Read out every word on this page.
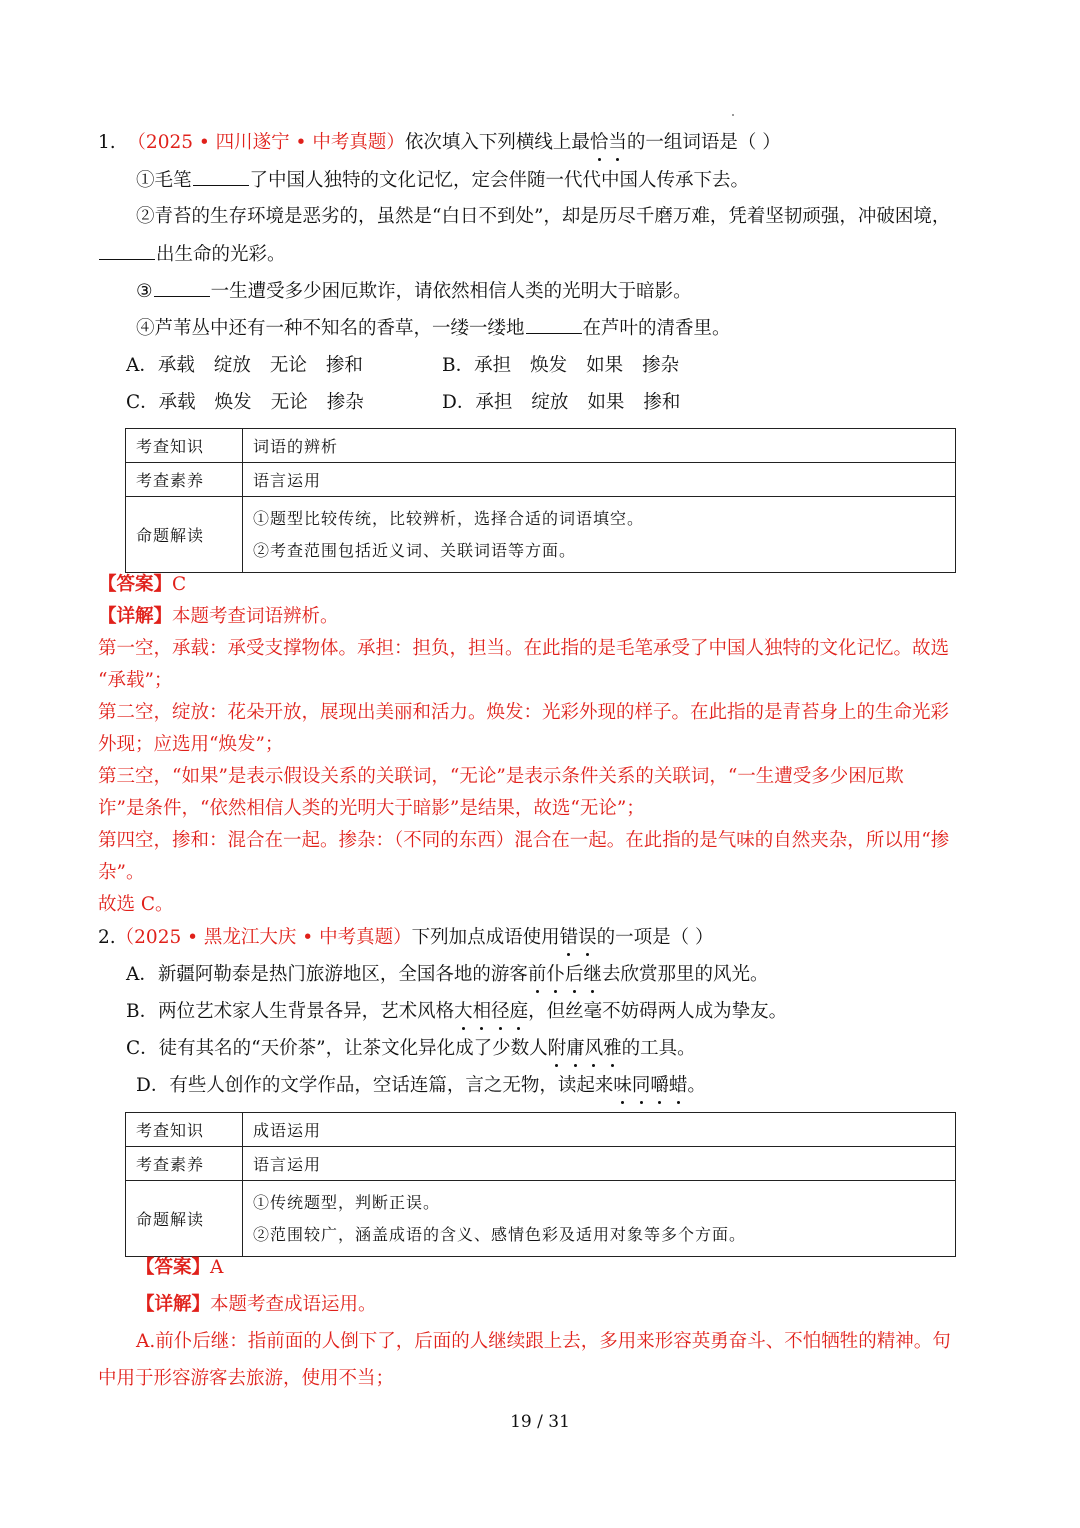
1. （2025 • 四川遂宁 • 中考真题）依次填入下列横线上最恰当的一组词语是（ ）
①毛笔	了中国人独特的文化记忆，定会伴随一代代中国人传承下去。
②青苔的生存环境是恶劣的，虽然是“白日不到处”，却是历尽千磨万难，凭着坚韧顽强，冲破困境，
出生命的光彩。
③	一生遭受多少困厄欺诈，请依然相信人类的光明大于暗影。
④芦苇丛中还有一种不知名的香草，一缕一缕地	在芦叶的清香里。
A．承载 绽放 无论 掺和	B．承担 焕发 如果 掺杂
C．承载 焕发 无论 掺杂	D．承担 绽放 如果 掺和
考查知识	词语的辨析
考查素养	语言运用
命题解读	①题型比较传统，比较辨析，选择合适的词语填空。
②考查范围包括近义词、关联词语等方面。
【答案】C
【详解】本题考查词语辨析。
第一空，承载：承受支撑物体。承担：担负，担当。在此指的是毛笔承受了中国人独特的文化记忆。故选
“承载”；
第二空，绽放：花朵开放，展现出美丽和活力。焕发：光彩外现的样子。在此指的是青苔身上的生命光彩
外现；应选用“焕发”；
第三空，“如果”是表示假设关系的关联词，“无论”是表示条件关系的关联词，“一生遭受多少困厄欺
诈”是条件，“依然相信人类的光明大于暗影”是结果，故选“无论”；
第四空，掺和：混合在一起。掺杂：（不同的东西）混合在一起。在此指的是气味的自然夹杂，所以用“掺
杂”。
故选 C。
2.（2025 • 黑龙江大庆 • 中考真题）下列加点成语使用错误的一项是（ ）
A．新疆阿勒泰是热门旅游地区，全国各地的游客前仆后继去欣赏那里的风光。
B．两位艺术家人生背景各异，艺术风格大相径庭，但丝毫不妨碍两人成为挚友。
C．徒有其名的“天价茶”，让茶文化异化成了少数人附庸风雅的工具。
D．有些人创作的文学作品，空话连篇，言之无物，读起来味同嚼蜡。
考查知识	成语运用
考查素养	语言运用
命题解读	①传统题型，判断正误。
②范围较广，涵盖成语的含义、感情色彩及适用对象等多个方面。
【答案】A
【详解】本题考查成语运用。
A.前仆后继：指前面的人倒下了，后面的人继续跟上去，多用来形容英勇奋斗、不怕牺牲的精神。句
中用于形容游客去旅游，使用不当；
19 / 31
